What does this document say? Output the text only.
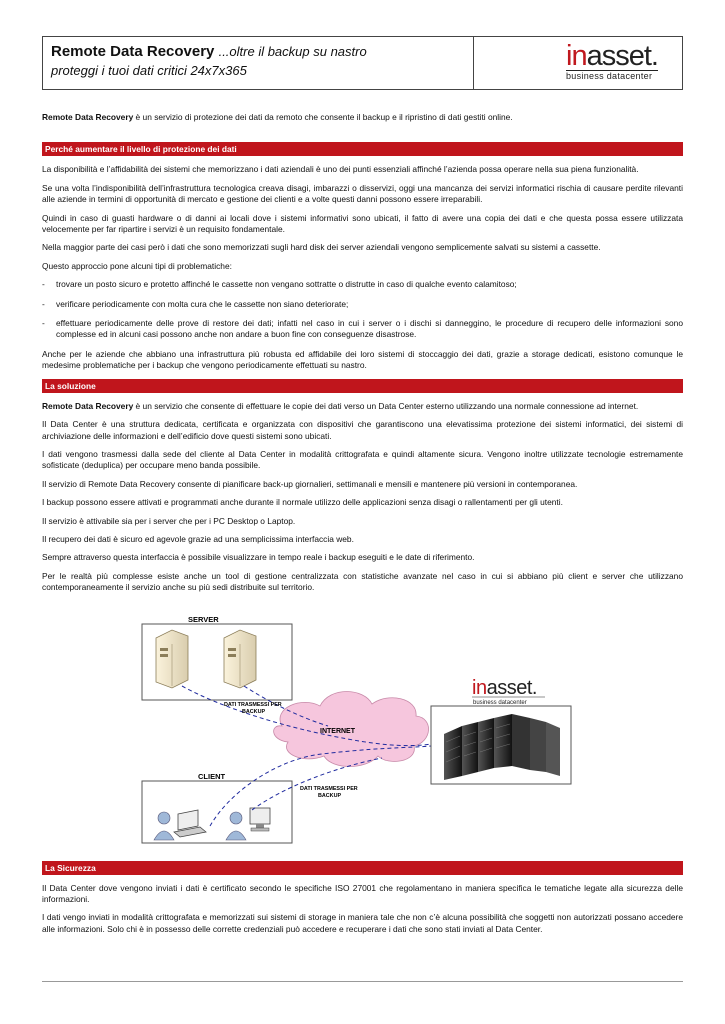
Remote Data Recovery ...oltre il backup su nastro
proteggi i tuoi dati critici 24x7x365	inasset.
business datacenter

Remote Data Recovery è un servizio di protezione dei dati da remoto che consente il backup e il ripristino di dati gestiti online.

Perché aumentare il livello di protezione dei dati

La disponibilità e l’affidabilità dei sistemi che memorizzano i dati aziendali è uno dei punti essenziali affinché l’azienda possa operare nella sua piena funzionalità.

Se una volta l’indisponibilità dell’infrastruttura tecnologica creava disagi, imbarazzi o disservizi, oggi una mancanza dei servizi informatici rischia di causare perdite rilevanti alle aziende in termini di opportunità di mercato e gestione dei clienti e a volte questi danni possono essere irreparabili.

Quindi in caso di guasti hardware o di danni ai locali dove i sistemi informativi sono ubicati, il fatto di avere una copia dei dati e che questa possa essere utilizzata velocemente per far ripartire i servizi è un requisito fondamentale.

Nella maggior parte dei casi però i dati che sono memorizzati sugli hard disk dei server aziendali vengono semplicemente salvati su sistemi a cassette.

Questo approccio pone alcuni tipi di problematiche:

- trovare un posto sicuro e protetto affinché le cassette non vengano sottratte o distrutte in caso di qualche evento calamitoso;
- verificare periodicamente con molta cura che le cassette non siano deteriorate;
- effettuare periodicamente delle prove di restore dei dati; infatti nel caso in cui i server o i dischi si danneggino, le procedure di recupero delle informazioni sono complesse ed in alcuni casi possono anche non andare a buon fine con conseguenze disastrose.

Anche per le aziende che abbiano una infrastruttura più robusta ed affidabile dei loro sistemi di stoccaggio dei dati, grazie a storage dedicati, esistono comunque le medesime problematiche per i backup che vengono periodicamente effettuati su nastro.

La soluzione

Remote Data Recovery è un servizio che consente di effettuare le copie dei dati verso un Data Center esterno utilizzando una normale connessione ad internet.

Il Data Center è una struttura dedicata, certificata e organizzata con dispositivi che garantiscono una elevatissima protezione dei sistemi informatici, dei sistemi di archiviazione delle informazioni e dell’edificio dove questi sistemi sono ubicati.

I dati vengono trasmessi dalla sede del cliente al Data Center in modalità crittografata e quindi altamente sicura. Vengono inoltre utilizzate tecnologie estremamente sofisticate (deduplica) per occupare meno banda possibile.

Il servizio di Remote Data Recovery consente di pianificare back-up giornalieri, settimanali e mensili e mantenere più versioni in contemporanea.

I backup possono essere attivati e programmati anche durante il normale utilizzo delle applicazioni senza disagi o rallentamenti per gli utenti.

Il servizio è attivabile sia per i server che per i PC Desktop o Laptop.

Il recupero dei dati è sicuro ed agevole grazie ad una semplicissima interfaccia web.

Sempre attraverso questa interfaccia è possibile visualizzare in tempo reale i backup eseguiti e le date di riferimento.

Per le realtà più complesse esiste anche un tool di gestione centralizzata con statistiche avanzate nel caso in cui si abbiano più client e server che utilizzano contemporaneamente il servizio anche su più sedi distribuite sul territorio.

La Sicurezza

Il Data Center dove vengono inviati i dati è certificato secondo le specifiche ISO 27001 che regolamentano in maniera specifica le tematiche legate alla sicurezza delle informazioni.

I dati vengo inviati in modalità crittografata e memorizzati sui sistemi di storage in maniera tale che non c’è alcuna possibilità che soggetti non autorizzati possano accedere alle informazioni. Solo chi è in possesso delle corrette credenziali può accedere e recuperare i dati che sono stati inviati al Data Center.

SERVER
CLIENT
INTERNET
DATI TRASMESSI PER
BACKUP
DATI TRASMESSI PER
BACKUP
inasset.
business datacenter
